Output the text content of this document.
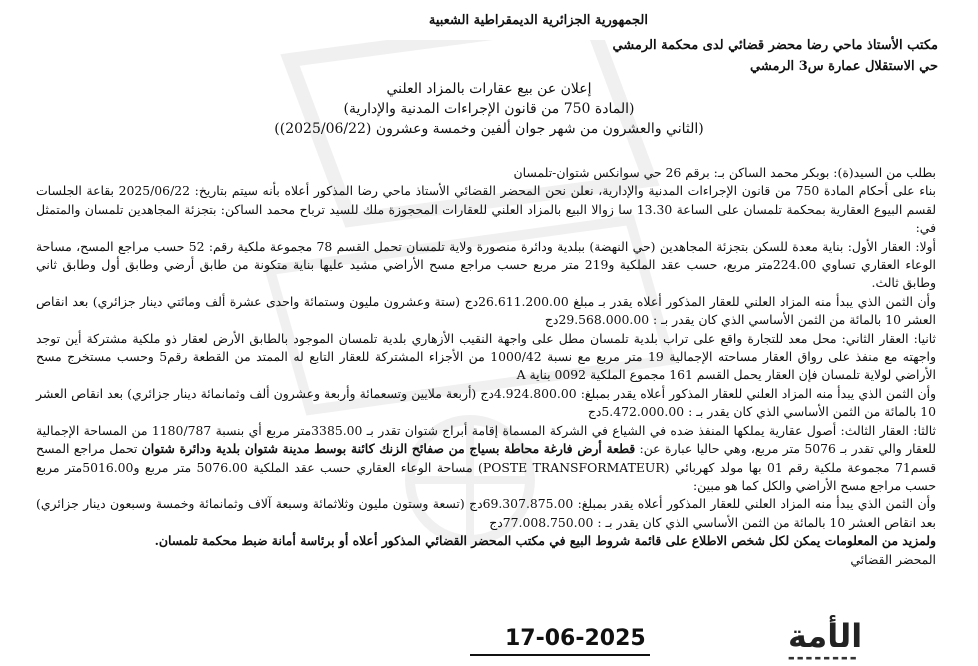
الجمهورية الجزائرية الديمقراطية الشعبية
مكتب الأستاذ ماحي رضا محضر قضائي لدى محكمة الرمشي
حي الاستقلال عمارة س3 الرمشي
إعلان عن بيع عقارات بالمزاد العلني
(المادة 750 من قانون الإجراءات المدنية والإدارية)
(الثاني والعشرون من شهر جوان ألفين وخمسة وعشرون (2025/06/22))

بطلب من السيد(ة): بوبكر محمد الساكن بـ: برقم 26 حي سوانكس شتوان-تلمسان

بناء على أحكام المادة 750 من قانون الإجراءات المدنية والإدارية، نعلن نحن المحضر القضائي الأستاذ ماحي رضا المذكور أعلاه بأنه سيتم بتاريخ: 2025/06/22 بقاعة الجلسات لقسم البيوع العقارية بمحكمة تلمسان على الساعة 13.30 سا زوالا البيع بالمزاد العلني للعقارات المحجوزة ملك للسيد ترباح محمد الساكن: بتجزئة المجاهدين تلمسان والمتمثل في:

أولا: العقار الأول: بناية معدة للسكن بتجزئة المجاهدين (حي النهضة) ببلدية ودائرة منصورة ولاية تلمسان تحمل القسم 78 مجموعة ملكية رقم: 52 حسب مراجع المسح، مساحة الوعاء العقاري تساوي 224.00متر مربع، حسب عقد الملكية و219 متر مربع حسب مراجع مسح الأراضي مشيد عليها بناية متكونة من طابق أرضي وطابق أول وطابق ثاني وطابق ثالث.

وأن الثمن الذي يبدأ منه المزاد العلني للعقار المذكور أعلاه يقدر بـ مبلغ 26.611.200.00دج (ستة وعشرون مليون وستمائة واحدى عشرة ألف ومائتي دينار جزائري) بعد انقاص العشر 10 بالمائة من الثمن الأساسي الذي كان يقدر بـ : 29.568.000.00دج

ثانيا: العقار الثاني: محل معد للتجارة واقع على تراب بلدية تلمسان مطل على واجهة النقيب الأزهاري بلدية تلمسان الموجود بالطابق الأرض لعقار ذو ملكية مشتركة أين توجد واجهته مع منفذ على رواق العقار مساحته الإجمالية 19 متر مربع مع نسبة 1000/42 من الأجزاء المشتركة للعقار التابع له الممتد من القطعة رقم5 وحسب مستخرج مسح الأراضي لولاية تلمسان فإن العقار يحمل القسم 161 مجموع الملكية 0092 بناية A

وأن الثمن الذي يبدأ منه المزاد العلني للعقار المذكور أعلاه يقدر بمبلغ: 4.924.800.00دج (أربعة ملايين وتسعمائة وأربعة وعشرون ألف وثمانمائة دينار جزائري) بعد انقاص العشر 10 بالمائة من الثمن الأساسي الذي كان يقدر بـ : 5.472.000.00دج

ثالثا: العقار الثالث: أصول عقارية يملكها المنفذ ضده في الشياع في الشركة المسماة إقامة أبراج شتوان تقدر بـ 3385.00متر مربع أي بنسبة 1180/787 من المساحة الإجمالية للعقار والي تقدر بـ 5076 متر مربع، وهي حاليا عبارة عن: قطعة أرض فارغة محاطة بسياج من صفائح الزنك كائنة بوسط مدينة شتوان بلدية ودائرة شتوان تحمل مراجع المسح قسم71 مجموعة ملكية رقم 01 بها مولد كهربائي (POSTE TRANSFORMATEUR) مساحة الوعاء العقاري حسب عقد الملكية 5076.00 متر مربع و5016.00متر مربع حسب مراجع مسح الأراضي والكل كما هو مبين:

وأن الثمن الذي يبدأ منه المزاد العلني للعقار المذكور أعلاه يقدر بمبلغ: 69.307.875.00دج (تسعة وستون مليون وثلاثمائة وسبعة آلاف وثمانمائة وخمسة وسبعون دينار جزائري) بعد انقاص العشر 10 بالمائة من الثمن الأساسي الذي كان يقدر بـ : 77.008.750.00دج

ولمزيد من المعلومات يمكن لكل شخص الاطلاع على قائمة شروط البيع في مكتب المحضر القضائي المذكور أعلاه أو برئاسة أمانة ضبط محكمة تلمسان.

المحضر القضائي

17-06-2025	الأمة
▬ ▬ ▬ ▬ ▬ ▬ ▬ ▬
